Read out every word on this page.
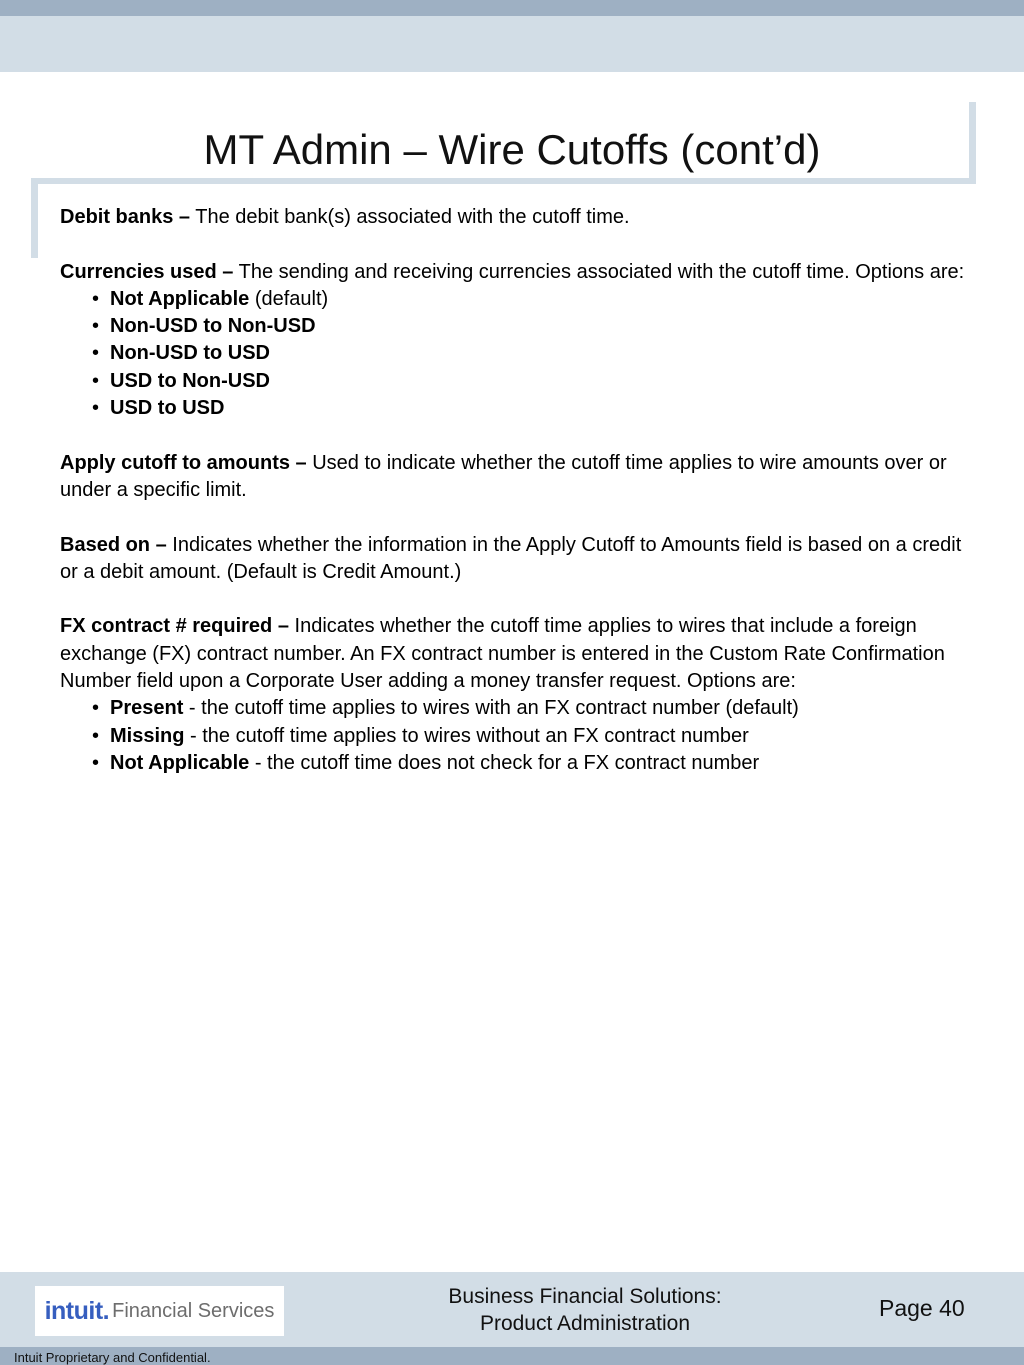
MT Admin – Wire Cutoffs (cont’d)

Debit banks – The debit bank(s) associated with the cutoff time.

Currencies used – The sending and receiving currencies associated with the cutoff time. Options are:

• Not Applicable (default)
• Non-USD to Non-USD
• Non-USD to USD
• USD to Non-USD
• USD to USD

Apply cutoff to amounts – Used to indicate whether the cutoff time applies to wire amounts over or under a specific limit.

Based on – Indicates whether the information in the Apply Cutoff to Amounts field is based on a credit or a debit amount. (Default is Credit Amount.)

FX contract # required – Indicates whether the cutoff time applies to wires that include a foreign exchange (FX) contract number. An FX contract number is entered in the Custom Rate Confirmation Number field upon a Corporate User adding a money transfer request. Options are:

• Present - the cutoff time applies to wires with an FX contract number (default)
• Missing - the cutoff time applies to wires without an FX contract number
• Not Applicable - the cutoff time does not check for a FX contract number
intuit. Financial Services
Business Financial Solutions:
Product Administration
Page 40
Intuit Proprietary and Confidential.
